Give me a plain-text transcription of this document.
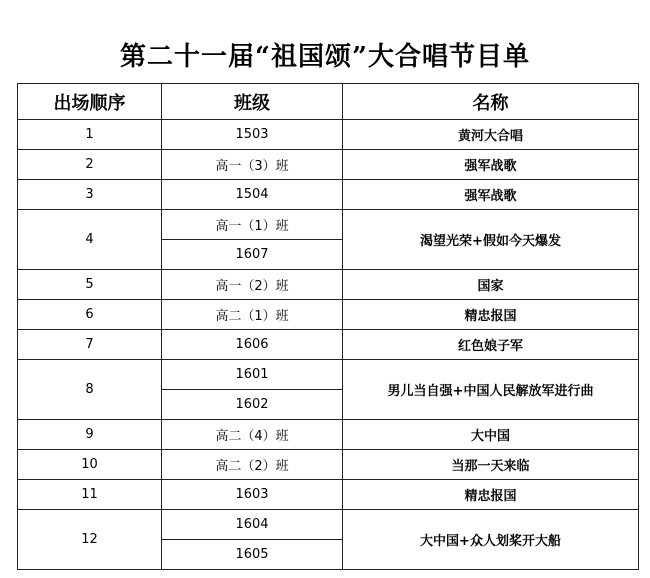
第二十一届“祖国颂”大合唱节目单
出场顺序	班级	名称
1	1503	黄河大合唱
2	高一（3）班	强军战歌
3	1504	强军战歌
4	高一（1）班	渴望光荣+假如今天爆发
	1607	
5	高一（2）班	国家
6	高二（1）班	精忠报国
7	1606	红色娘子军
8	1601	男儿当自强+中国人民解放军进行曲
	1602	
9	高二（4）班	大中国
10	高二（2）班	当那一天来临
11	1603	精忠报国
12	1604	大中国+众人划桨开大船
	1605	
